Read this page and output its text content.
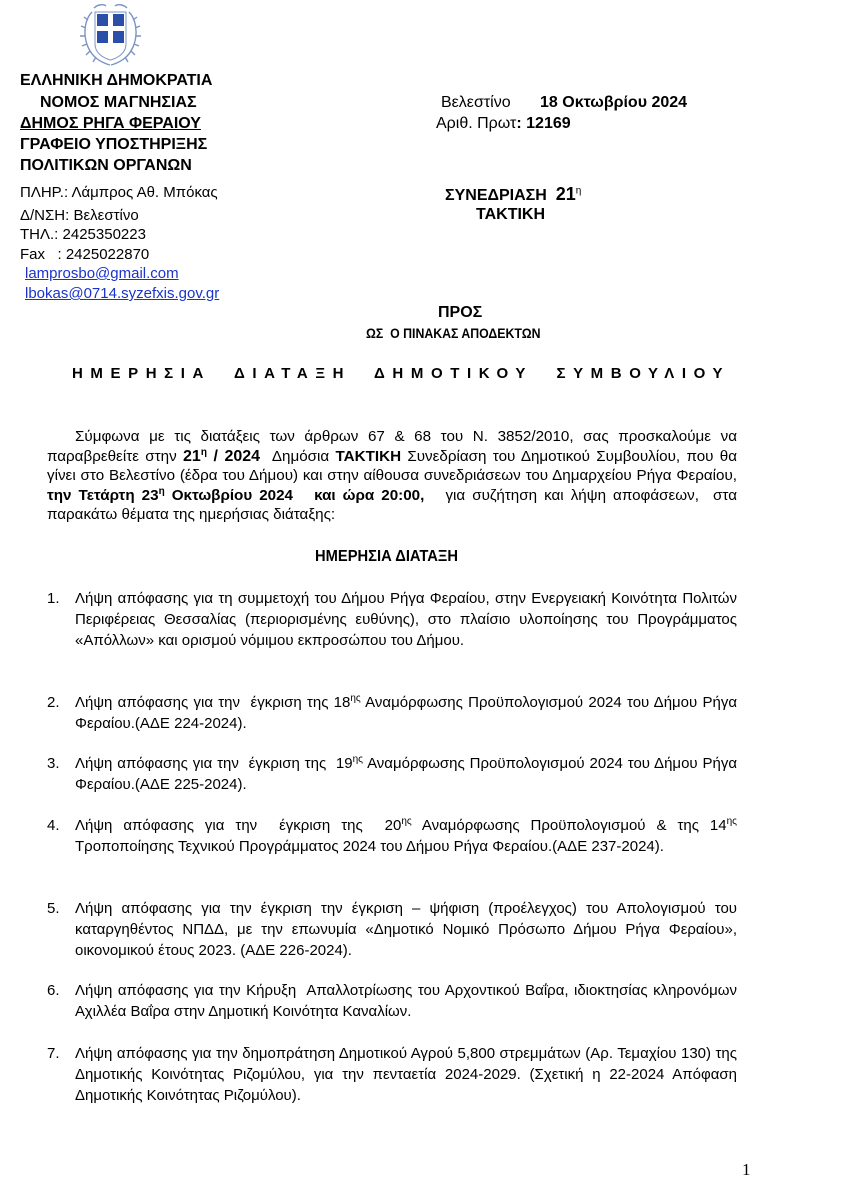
ΕΛΛΗΝΙΚΗ ΔΗΜΟΚΡΑΤΙΑ
ΝΟΜΟΣ ΜΑΓΝΗΣΙΑΣ
ΔΗΜΟΣ ΡΗΓΑ ΦΕΡΑΙΟΥ
ΓΡΑΦΕΙΟ ΥΠΟΣΤΗΡΙΞΗΣ
ΠΟΛΙΤΙΚΩΝ ΟΡΓΑΝΩΝ
ΠΛΗΡ.: Λάμπρος Αθ. Μπόκας
Δ/ΝΣΗ: Βελεστίνο
ΤΗΛ.: 2425350223
Fax   : 2425022870
lamprosbo@gmail.com
lbokas@0714.syzefxis.gov.gr
Βελεστίνο 18 Οκτωβρίου 2024
Αριθ. Πρωτ: 12169
ΣΥΝΕΔΡΙΑΣΗ $21^\eta$
ΤΑΚΤΙΚΗ
ΠΡΟΣ
ΩΣ  Ο ΠΙΝΑΚΑΣ ΑΠΟΔΕΚΤΩΝ
ΗΜΕΡΗΣΙΑ  ΔΙΑΤΑΞΗ  ΔΗΜΟΤΙΚΟΥ  ΣΥΜΒΟΥΛΙΟΥ
Σύμφωνα με τις διατάξεις των άρθρων 67 & 68 του Ν. 3852/2010, σας προσκαλούμε να παραβρεθείτε στην $21^\eta / 2024$  Δημόσια ΤΑΚΤΙΚΗ Συνεδρίαση του Δημοτικού Συμβουλίου, που θα γίνει στο Βελεστίνο (έδρα του Δήμου) και στην αίθουσα συνεδριάσεων του Δημαρχείου Ρήγα Φεραίου, την Τετάρτη $23^\eta$ Οκτωβρίου 2024   και ώρα 20:00,   για συζήτηση και λήψη αποφάσεων,  στα παρακάτω θέματα της ημερήσιας διάταξης:
ΗΜΕΡΗΣΙΑ ΔΙΑΤΑΞΗ
1.	Λήψη απόφασης για τη συμμετοχή του Δήμου Ρήγα Φεραίου, στην Ενεργειακή Κοινότητα Πολιτών Περιφέρειας Θεσσαλίας (περιορισμένης ευθύνης), στο πλαίσιο υλοποίησης του Προγράμματος «Απόλλων» και ορισμού νόμιμου εκπροσώπου του Δήμου.
2.	Λήψη απόφασης για την  έγκριση της $18^{\eta\varsigma}$ Αναμόρφωσης Προϋπολογισμού 2024 του Δήμου Ρήγα Φεραίου.(ΑΔΕ 224-2024).
3.	Λήψη απόφασης για την  έγκριση της  $19^{\eta\varsigma}$ Αναμόρφωσης Προϋπολογισμού 2024 του Δήμου Ρήγα Φεραίου.(ΑΔΕ 225-2024).
4.	Λήψη απόφασης για την  έγκριση της  $20^{\eta\varsigma}$ Αναμόρφωσης Προϋπολογισμού & της $14^{\eta\varsigma}$ Τροποποίησης Τεχνικού Προγράμματος 2024 του Δήμου Ρήγα Φεραίου.(ΑΔΕ 237-2024).
5.	Λήψη απόφασης για την έγκριση την έγκριση – ψήφιση (προέλεγχος) του Απολογισμού του καταργηθέντος ΝΠΔΔ, με την επωνυμία «Δημοτικό Νομικό Πρόσωπο Δήμου Ρήγα Φεραίου», οικονομικού έτους 2023. (ΑΔΕ 226-2024).
6.	Λήψη απόφασης για την Κήρυξη  Απαλλοτρίωσης του Αρχοντικού Βαΐρα, ιδιοκτησίας κληρονόμων Αχιλλέα Βαΐρα στην Δημοτική Κοινότητα Καναλίων.
7.	Λήψη απόφασης για την δημοπράτηση Δημοτικού Αγρού 5,800 στρεμμάτων (Αρ. Τεμαχίου 130) της Δημοτικής Κοινότητας Ριζομύλου, για την πενταετία 2024-2029. (Σχετική η 22-2024 Απόφαση Δημοτικής Κοινότητας Ριζομύλου).
1
